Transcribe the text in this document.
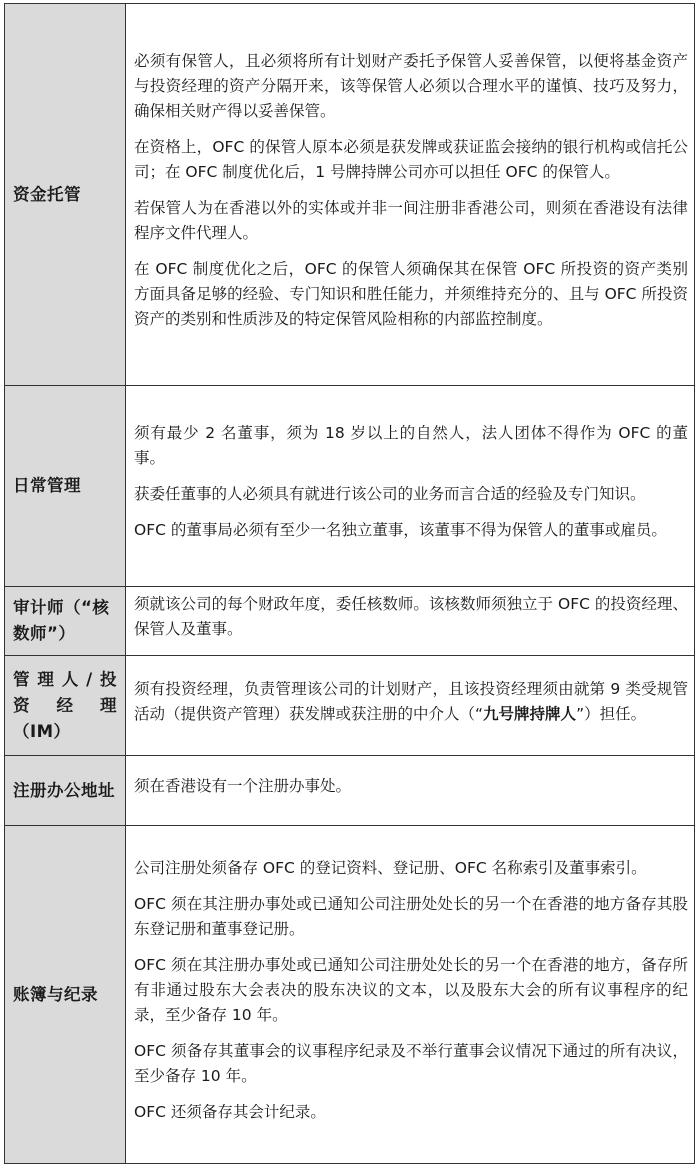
资金托管	必须有保管人，且必须将所有计划财产委托予保管人妥善保管，以便将基金资产与投资经理的资产分隔开来，该等保管人必须以合理水平的谨慎、技巧及努力，确保相关财产得以妥善保管。

在资格上，OFC 的保管人原本必须是获发牌或获证监会接纳的银行机构或信托公司；在 OFC 制度优化后，1 号牌持牌公司亦可以担任 OFC 的保管人。

若保管人为在香港以外的实体或并非一间注册非香港公司，则须在香港设有法律程序文件代理人。

在 OFC 制度优化之后，OFC 的保管人须确保其在保管 OFC 所投资的资产类别方面具备足够的经验、专门知识和胜任能力，并须维持充分的、且与 OFC 所投资资产的类别和性质涉及的特定保管风险相称的内部监控制度。

日常管理	须有最少 2 名董事，须为 18 岁以上的自然人，法人团体不得作为 OFC 的董事。

获委任董事的人必须具有就进行该公司的业务而言合适的经验及专门知识。

OFC 的董事局必须有至少一名独立董事，该董事不得为保管人的董事或雇员。

审计师（“核数师”）	须就该公司的每个财政年度，委任核数师。该核数师须独立于 OFC 的投资经理、保管人及董事。

管理人/投
资 经 理
（IM）	须有投资经理，负责管理该公司的计划财产，且该投资经理须由就第 9 类受规管活动（提供资产管理）获发牌或获注册的中介人（“九号牌持牌人”）担任。

注册办公地址	须在香港设有一个注册办事处。

账簿与纪录	公司注册处须备存 OFC 的登记资料、登记册、OFC 名称索引及董事索引。

OFC 须在其注册办事处或已通知公司注册处处长的另一个在香港的地方备存其股东登记册和董事登记册。

OFC 须在其注册办事处或已通知公司注册处处长的另一个在香港的地方，备存所有非通过股东大会表决的股东决议的文本，以及股东大会的所有议事程序的纪录，至少备存 10 年。

OFC 须备存其董事会的议事程序纪录及不举行董事会议情况下通过的所有决议，至少备存 10 年。

OFC 还须备存其会计纪录。
